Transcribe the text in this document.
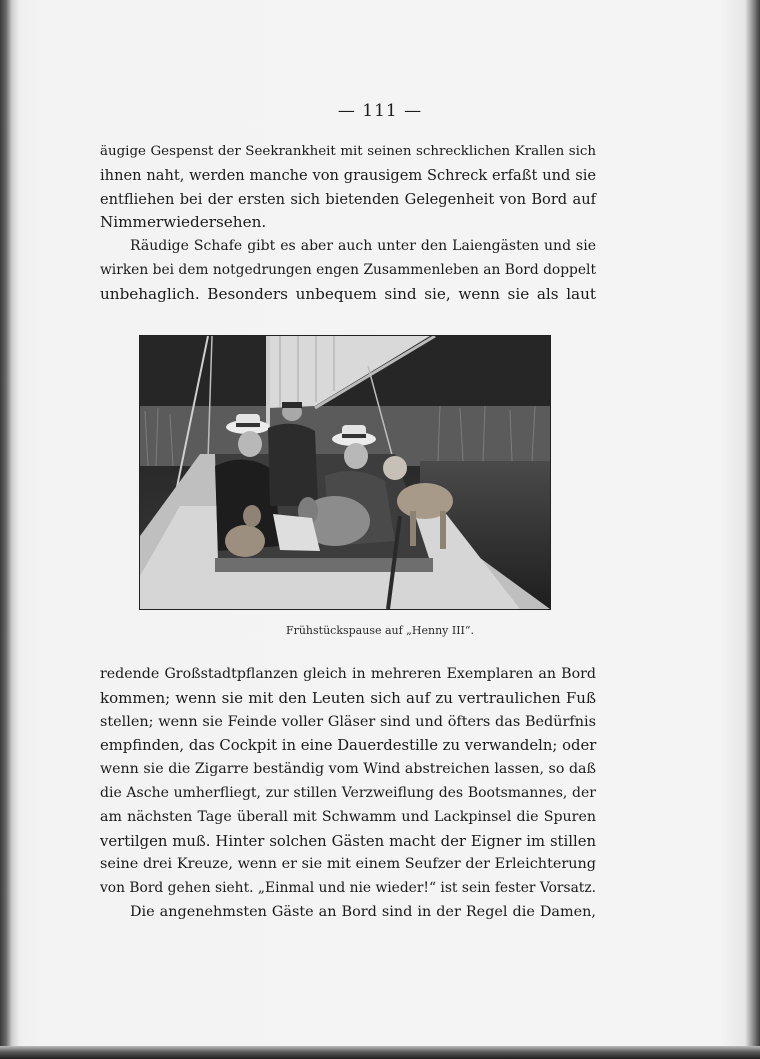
— 111 —
äugige Gespenst der Seekrankheit mit seinen schrecklichen Krallen sich
ihnen naht, werden manche von grausigem Schreck erfaßt und sie
entfliehen bei der ersten sich bietenden Gelegenheit von Bord auf
Nimmerwiedersehen.
Räudige Schafe gibt es aber auch unter den Laiengästen und sie
wirken bei dem notgedrungen engen Zusammenleben an Bord doppelt
unbehaglich. Besonders unbequem sind sie, wenn sie als laut
Frühstückspause auf „Henny III“.
redende Großstadtpflanzen gleich in mehreren Exemplaren an Bord
kommen; wenn sie mit den Leuten sich auf zu vertraulichen Fuß
stellen; wenn sie Feinde voller Gläser sind und öfters das Bedürfnis
empfinden, das Cockpit in eine Dauerdestille zu verwandeln; oder
wenn sie die Zigarre beständig vom Wind abstreichen lassen, so daß
die Asche umherfliegt, zur stillen Verzweiflung des Bootsmannes, der
am nächsten Tage überall mit Schwamm und Lackpinsel die Spuren
vertilgen muß. Hinter solchen Gästen macht der Eigner im stillen
seine drei Kreuze, wenn er sie mit einem Seufzer der Erleichterung
von Bord gehen sieht. „Einmal und nie wieder!“ ist sein fester Vorsatz.
Die angenehmsten Gäste an Bord sind in der Regel die Damen,
